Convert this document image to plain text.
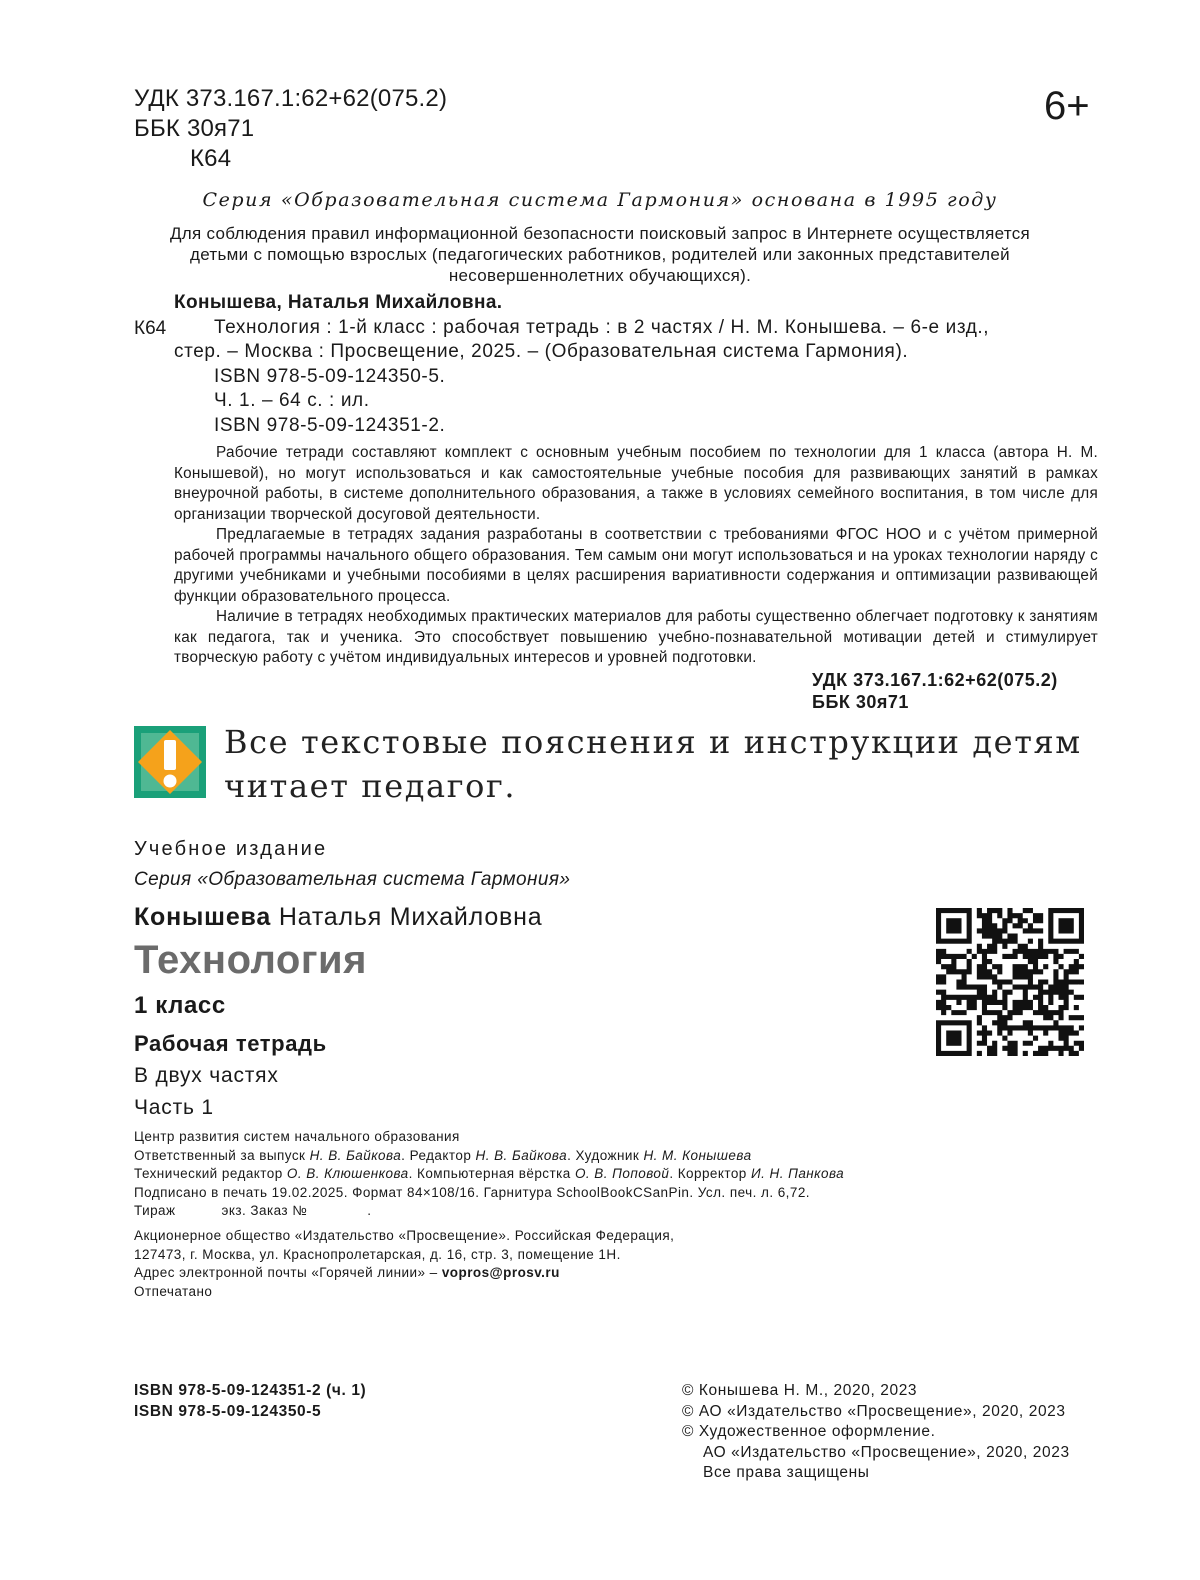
УДК 373.167.1:62+62(075.2)
ББК 30я71
К64
6+
Серия «Образовательная система Гармония» основана в 1995 году
Для соблюдения правил информационной безопасности поисковый запрос в Интернете осуществляется
детьми с помощью взрослых (педагогических работников, родителей или законных представителей
несовершеннолетних обучающихся).
Конышева, Наталья Михайловна.
К64	Технология : 1-й класс : рабочая тетрадь : в 2 частях / Н. М. Конышева. – 6-е изд.,
стер. – Москва : Просвещение, 2025. – (Образовательная система Гармония).
ISBN 978-5-09-124350-5.
Ч. 1. – 64 с. : ил.
ISBN 978-5-09-124351-2.

Рабочие тетради составляют комплект с основным учебным пособием по технологии для 1 класса (автора Н. М. Конышевой), но могут использоваться и как самостоятельные учебные пособия для развивающих занятий в рамках внеурочной работы, в системе дополнительного образования, а также в условиях семейного воспитания, в том числе для организации творческой досуговой деятельности.

Предлагаемые в тетрадях задания разработаны в соответствии с требованиями ФГОС НОО и с учётом примерной рабочей программы начального общего образования. Тем самым они могут использоваться и на уроках технологии наряду с другими учебниками и учебными пособиями в целях расширения вариативности содержания и оптимизации развивающей функции образовательного процесса.

Наличие в тетрадях необходимых практических материалов для работы существенно облегчает подготовку к занятиям как педагога, так и ученика. Это способствует повышению учебно-познавательной мотивации детей и стимулирует творческую работу с учётом индивидуальных интересов и уровней подготовки.

УДК 373.167.1:62+62(075.2)
ББК 30я71
Все текстовые пояснения и инструкции детям
читает педагог.
Учебное издание
Серия «Образовательная система Гармония»
Конышева Наталья Михайловна
Технология
1 класс
Рабочая тетрадь
В двух частях
Часть 1
Центр развития систем начального образования
Ответственный за выпуск Н. В. Байкова. Редактор Н. В. Байкова. Художник Н. М. Конышева
Технический редактор О. В. Клюшенкова. Компьютерная вёрстка О. В. Поповой. Корректор И. Н. Панкова
Подписано в печать 19.02.2025. Формат 84×108/16. Гарнитура SchoolBookCSanPin. Усл. печ. л. 6,72.
Тираж	экз. Заказ №	.
Акционерное общество «Издательство «Просвещение». Российская Федерация,
127473, г. Москва, ул. Краснопролетарская, д. 16, стр. 3, помещение 1Н.
Адрес электронной почты «Горячей линии» – vopros@prosv.ru
Отпечатано
ISBN 978-5-09-124351-2 (ч. 1)
ISBN 978-5-09-124350-5
© Конышева Н. М., 2020, 2023
© АО «Издательство «Просвещение», 2020, 2023
© Художественное оформление.
АО «Издательство «Просвещение», 2020, 2023
Все права защищены
